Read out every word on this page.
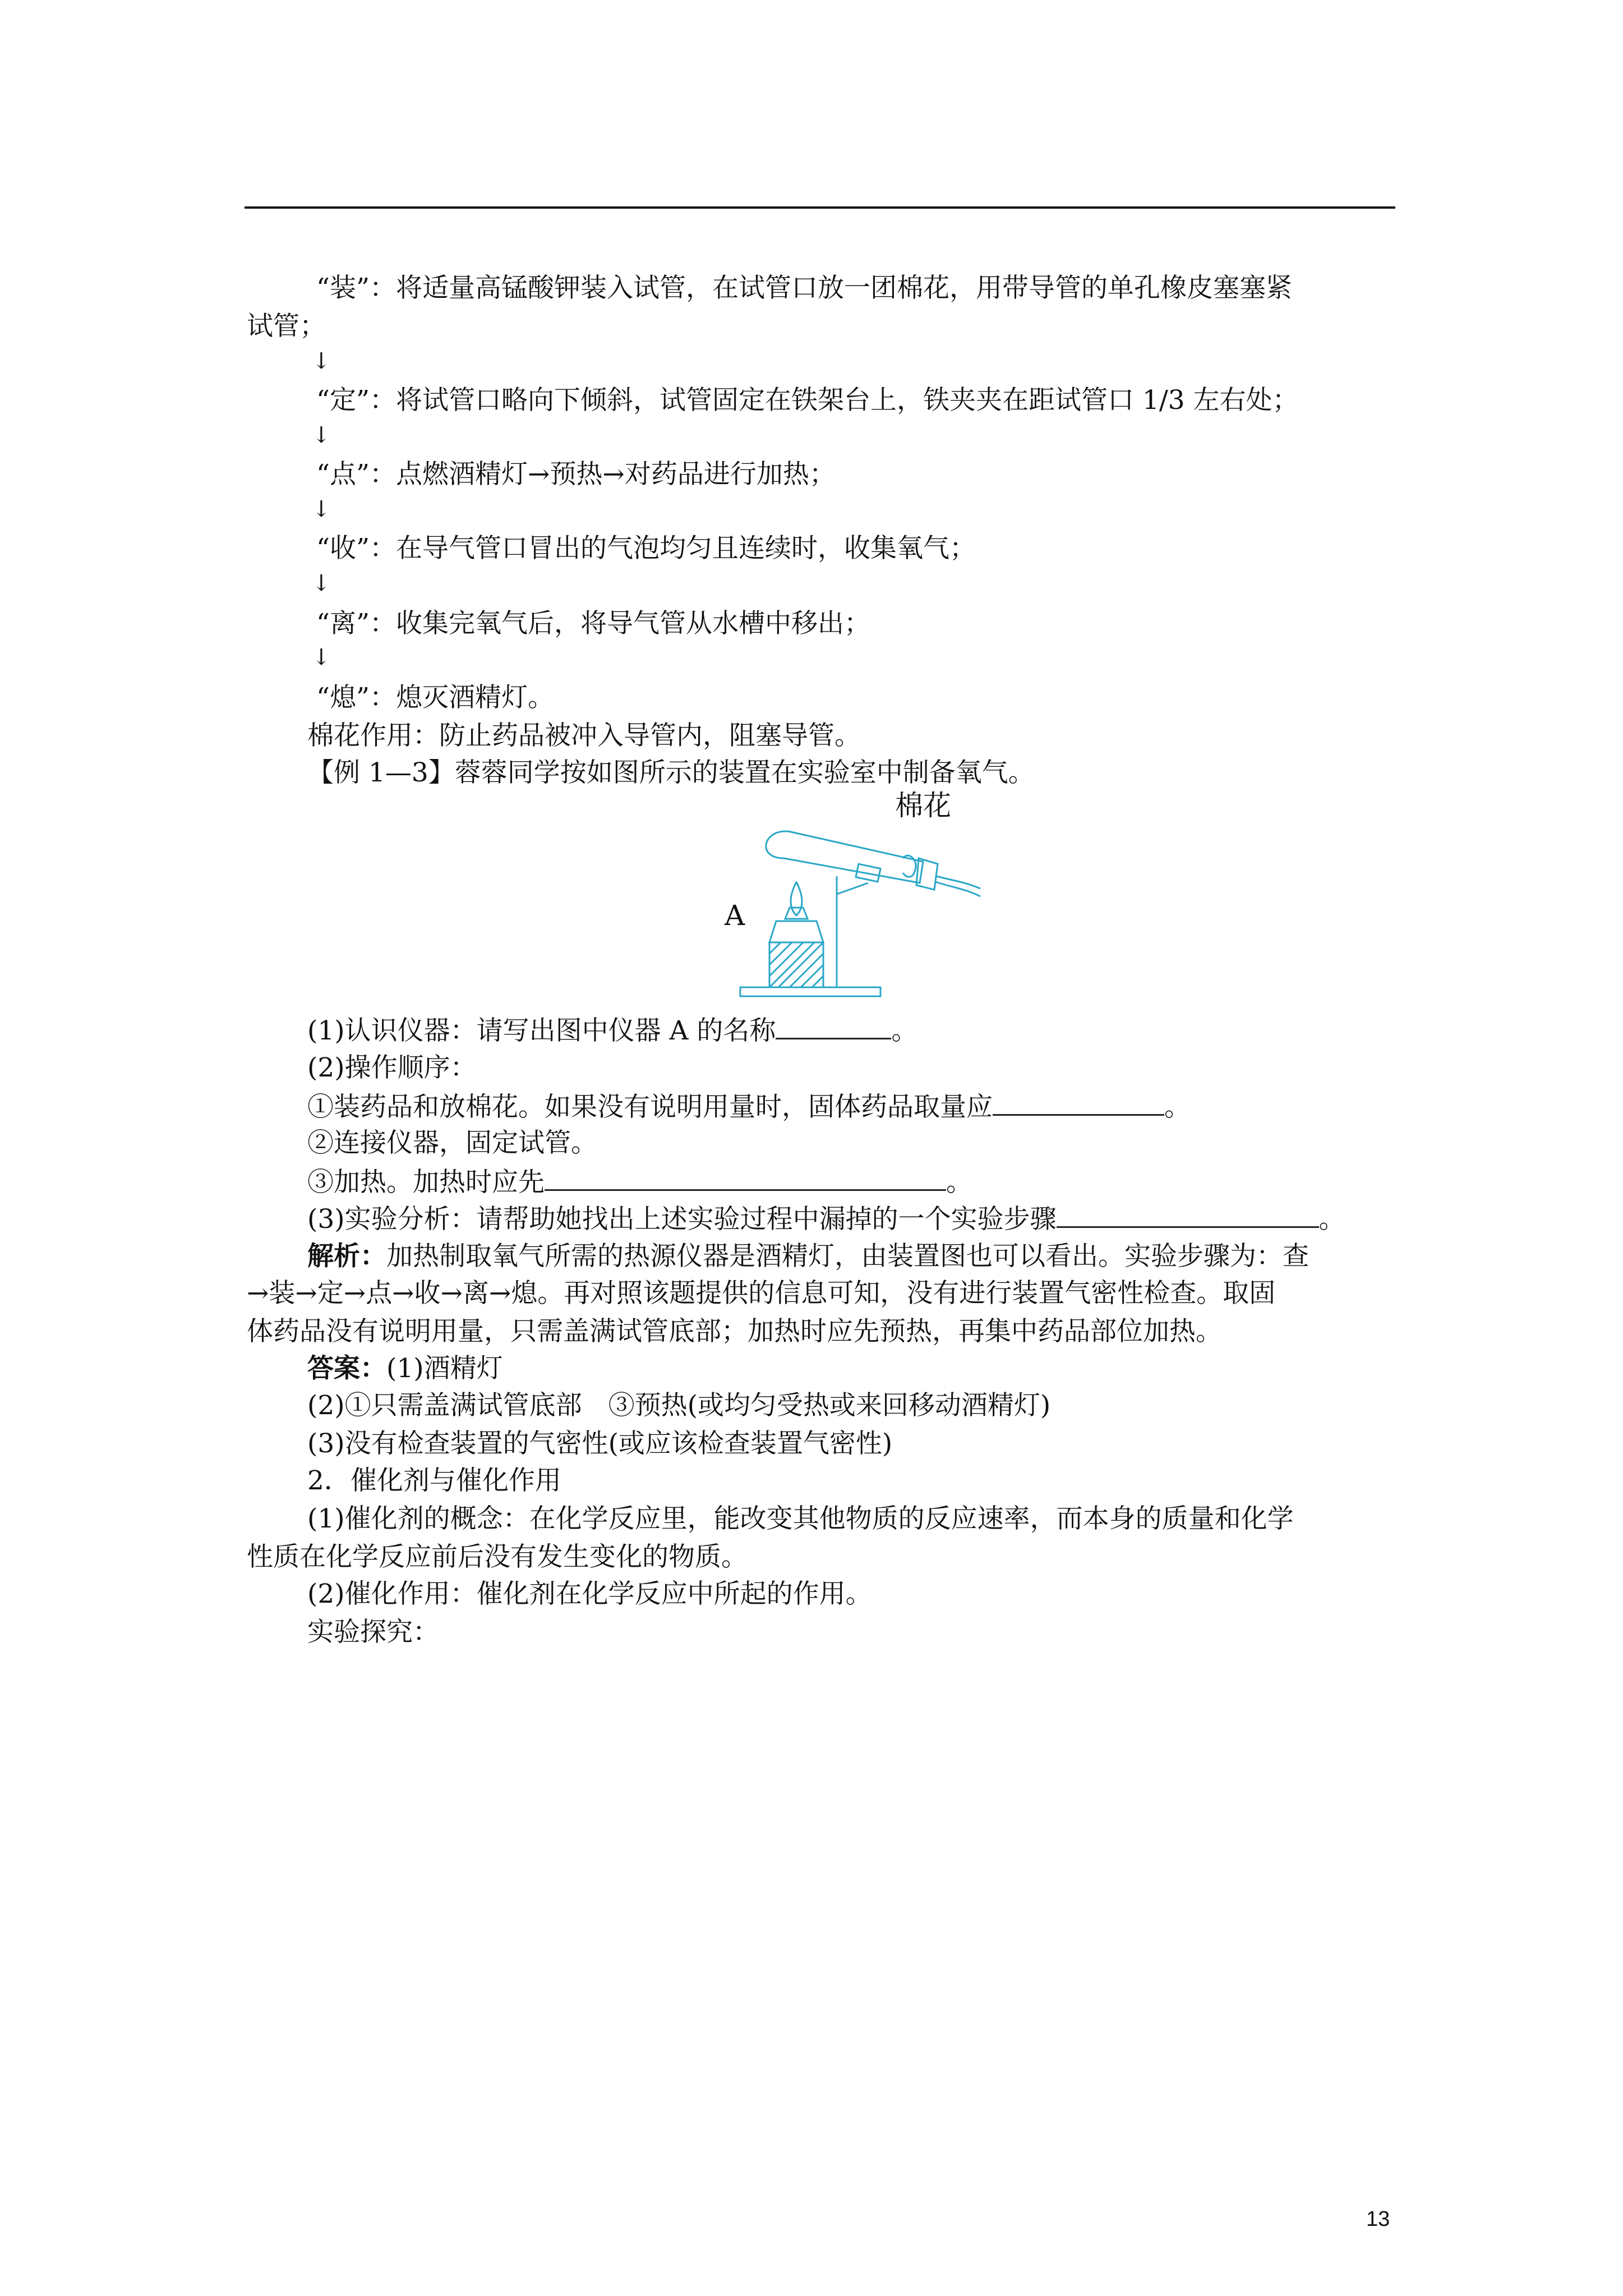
“装”：将适量高锰酸钾装入试管，在试管口放一团棉花，用带导管的单孔橡皮塞塞紧
试管；
↓
“定”：将试管口略向下倾斜，试管固定在铁架台上，铁夹夹在距试管口 1/3 左右处；
↓
“点”：点燃酒精灯→预热→对药品进行加热；
↓
“收”：在导气管口冒出的气泡均匀且连续时，收集氧气；
↓
“离”：收集完氧气后，将导气管从水槽中移出；
↓
“熄”：熄灭酒精灯。
棉花作用：防止药品被冲入导管内，阻塞导管。
【例 1—3】蓉蓉同学按如图所示的装置在实验室中制备氧气。
棉花
A
(1)认识仪器：请写出图中仪器 A 的名称	。
(2)操作顺序：
①装药品和放棉花。如果没有说明用量时，固体药品取量应	。
②连接仪器，固定试管。
③加热。加热时应先	。
(3)实验分析：请帮助她找出上述实验过程中漏掉的一个实验步骤	。
解析：加热制取氧气所需的热源仪器是酒精灯，由装置图也可以看出。实验步骤为：查
→装→定→点→收→离→熄。再对照该题提供的信息可知，没有进行装置气密性检查。取固
体药品没有说明用量，只需盖满试管底部；加热时应先预热，再集中药品部位加热。
答案：(1)酒精灯
(2)①只需盖满试管底部　③预热(或均匀受热或来回移动酒精灯)
(3)没有检查装置的气密性(或应该检查装置气密性)
2．催化剂与催化作用
(1)催化剂的概念：在化学反应里，能改变其他物质的反应速率，而本身的质量和化学
性质在化学反应前后没有发生变化的物质。
(2)催化作用：催化剂在化学反应中所起的作用。
实验探究：
13
